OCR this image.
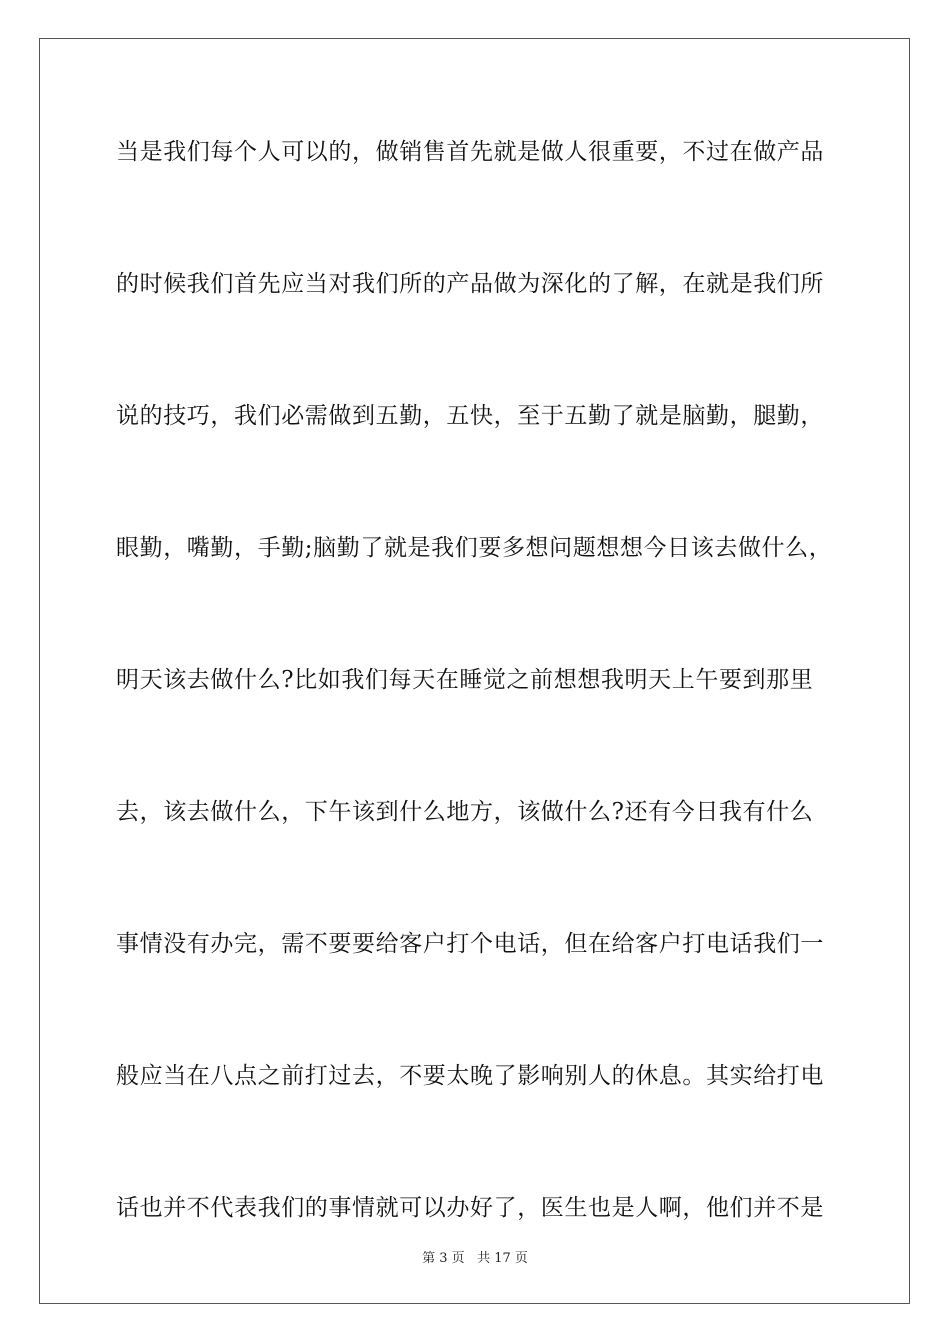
当是我们每个人可以的，做销售首先就是做人很重要，不过在做产品
的时候我们首先应当对我们所的产品做为深化的了解，在就是我们所
说的技巧，我们必需做到五勤，五快，至于五勤了就是脑勤，腿勤，
眼勤，嘴勤，手勤;脑勤了就是我们要多想问题想想今日该去做什么，
明天该去做什么?比如我们每天在睡觉之前想想我明天上午要到那里
去，该去做什么，下午该到什么地方，该做什么?还有今日我有什么
事情没有办完，需不要要给客户打个电话，但在给客户打电话我们一
般应当在八点之前打过去，不要太晚了影响别人的休息。其实给打电
话也并不代表我们的事情就可以办好了，医生也是人啊，他们并不是
第 3 页 共 17 页
